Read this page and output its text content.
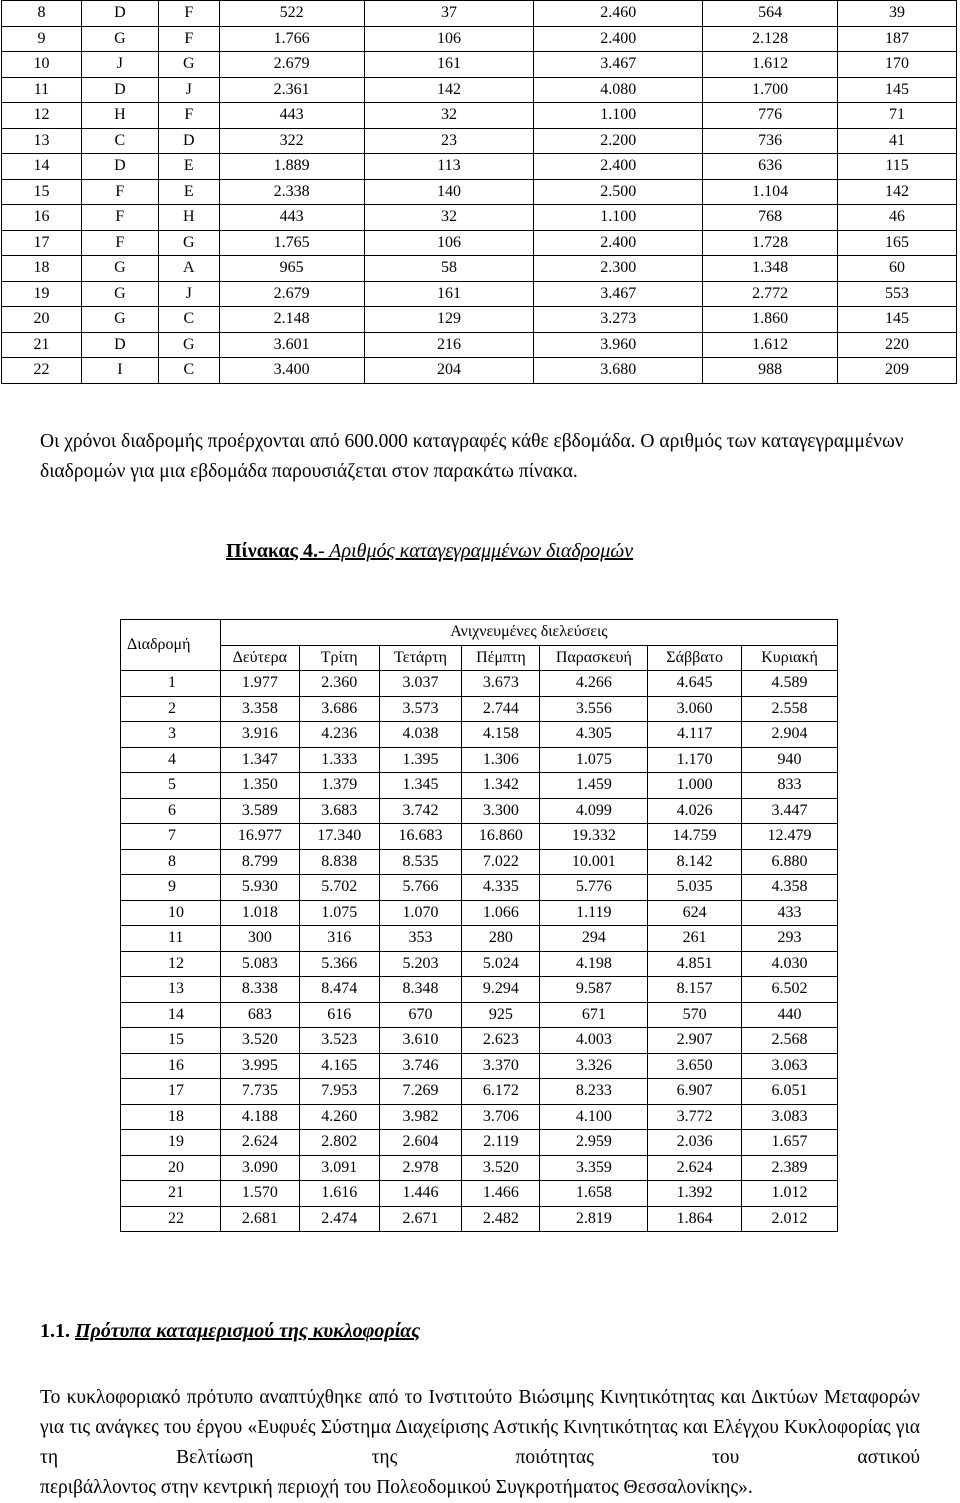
8	D	F	522	37	2.460	564	39
9	G	F	1.766	106	2.400	2.128	187
10	J	G	2.679	161	3.467	1.612	170
11	D	J	2.361	142	4.080	1.700	145
12	H	F	443	32	1.100	776	71
13	C	D	322	23	2.200	736	41
14	D	E	1.889	113	2.400	636	115
15	F	E	2.338	140	2.500	1.104	142
16	F	H	443	32	1.100	768	46
17	F	G	1.765	106	2.400	1.728	165
18	G	A	965	58	2.300	1.348	60
19	G	J	2.679	161	3.467	2.772	553
20	G	C	2.148	129	3.273	1.860	145
21	D	G	3.601	216	3.960	1.612	220
22	I	C	3.400	204	3.680	988	209

Οι χρόνοι διαδρομής προέρχονται από 600.000 καταγραφές κάθε εβδομάδα. Ο αριθμός των καταγεγραμμένων διαδρομών για μια εβδομάδα παρουσιάζεται στον παρακάτω πίνακα.

Πίνακας 4.- Αριθμός καταγεγραμμένων διαδρομών

Διαδρομή	Ανιχνευμένες διελεύσεις						
	Δεύτερα	Τρίτη	Τετάρτη	Πέμπτη	Παρασκευή	Σάββατο	Κυριακή
1	1.977	2.360	3.037	3.673	4.266	4.645	4.589
2	3.358	3.686	3.573	2.744	3.556	3.060	2.558
3	3.916	4.236	4.038	4.158	4.305	4.117	2.904
4	1.347	1.333	1.395	1.306	1.075	1.170	940
5	1.350	1.379	1.345	1.342	1.459	1.000	833
6	3.589	3.683	3.742	3.300	4.099	4.026	3.447
7	16.977	17.340	16.683	16.860	19.332	14.759	12.479
8	8.799	8.838	8.535	7.022	10.001	8.142	6.880
9	5.930	5.702	5.766	4.335	5.776	5.035	4.358
10	1.018	1.075	1.070	1.066	1.119	624	433
11	300	316	353	280	294	261	293
12	5.083	5.366	5.203	5.024	4.198	4.851	4.030
13	8.338	8.474	8.348	9.294	9.587	8.157	6.502
14	683	616	670	925	671	570	440
15	3.520	3.523	3.610	2.623	4.003	2.907	2.568
16	3.995	4.165	3.746	3.370	3.326	3.650	3.063
17	7.735	7.953	7.269	6.172	8.233	6.907	6.051
18	4.188	4.260	3.982	3.706	4.100	3.772	3.083
19	2.624	2.802	2.604	2.119	2.959	2.036	1.657
20	3.090	3.091	2.978	3.520	3.359	2.624	2.389
21	1.570	1.616	1.446	1.466	1.658	1.392	1.012
22	2.681	2.474	2.671	2.482	2.819	1.864	2.012

1.1. Πρότυπα καταμερισμού της κυκλοφορίας

Το κυκλοφοριακό πρότυπο αναπτύχθηκε από το Ινστιτούτο Βιώσιμης Κινητικότητας και Δικτύων Μεταφορών για τις ανάγκες του έργου «Ευφυές Σύστημα Διαχείρισης Αστικής Κινητικότητας και Ελέγχου Κυκλοφορίας για τη Βελτίωση της ποιότητας του αστικού
περιβάλλοντος στην κεντρική περιοχή του Πολεοδομικού Συγκροτήματος Θεσσαλονίκης».
